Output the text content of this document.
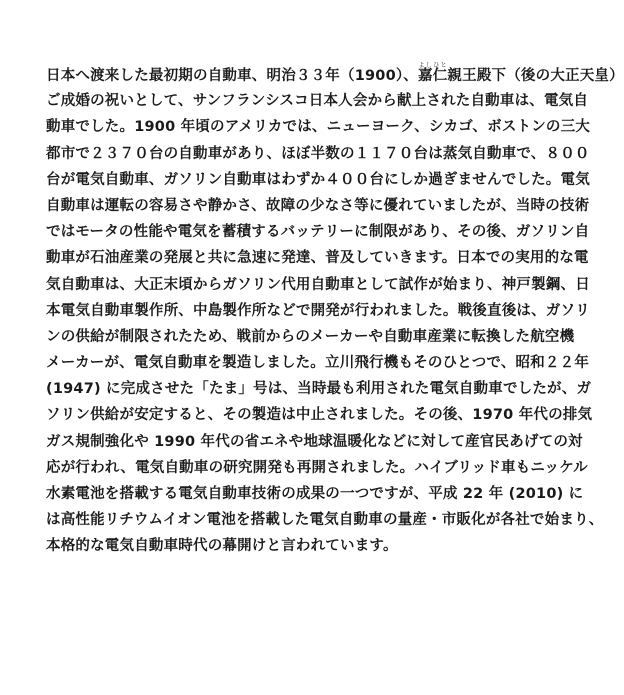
日本へ渡来した最初期の自動車、明治３３年（1900）、嘉仁よしひと親王殿下（後の大正天皇）
ご成婚の祝いとして、サンフランシスコ日本人会から献上された自動車は、電気自
動車でした。1900 年頃のアメリカでは、ニューヨーク、シカゴ、ボストンの三大
都市で２３７０台の自動車があり、ほぼ半数の１１７０台は蒸気自動車で、８００
台が電気自動車、ガソリン自動車はわずか４００台にしか過ぎませんでした。電気
自動車は運転の容易さや静かさ、故障の少なさ等に優れていましたが、当時の技術
ではモータの性能や電気を蓄積するバッテリーに制限があり、その後、ガソリン自
動車が石油産業の発展と共に急速に発達、普及していきます。日本での実用的な電
気自動車は、大正末頃からガソリン代用自動車として試作が始まり、神戸製鋼、日
本電気自動車製作所、中島製作所などで開発が行われました。戦後直後は、ガソリ
ンの供給が制限されたため、戦前からのメーカーや自動車産業に転換した航空機
メーカーが、電気自動車を製造しました。立川飛行機もそのひとつで、昭和２２年
(1947) に完成させた「たま」号は、当時最も利用された電気自動車でしたが、ガ
ソリン供給が安定すると、その製造は中止されました。その後、1970 年代の排気
ガス規制強化や 1990 年代の省エネや地球温暖化などに対して産官民あげての対
応が行われ、電気自動車の研究開発も再開されました。ハイブリッド車もニッケル
水素電池を搭載する電気自動車技術の成果の一つですが、平成 22 年 (2010) に
は高性能リチウムイオン電池を搭載した電気自動車の量産・市販化が各社で始まり、
本格的な電気自動車時代の幕開けと言われています。
